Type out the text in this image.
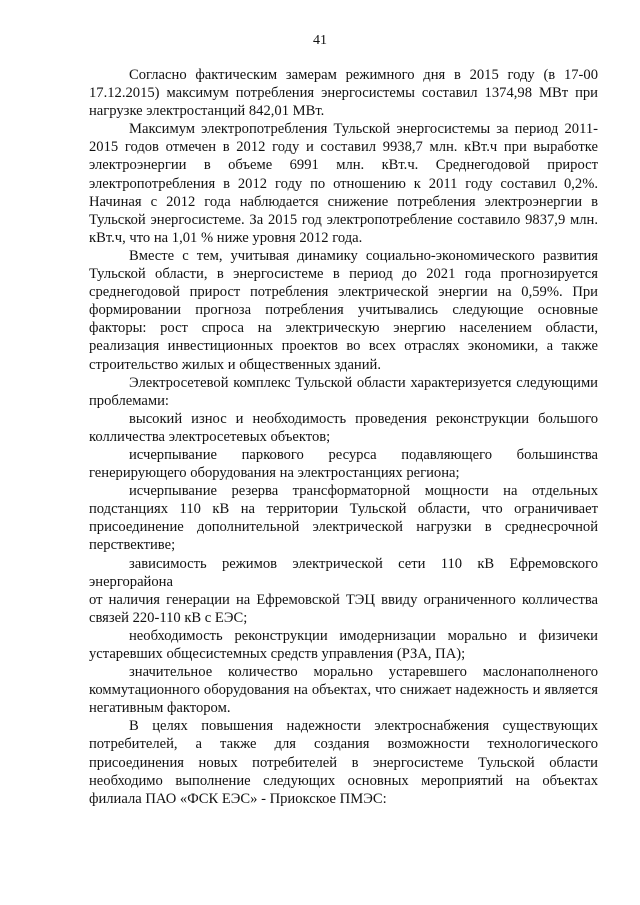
41

Согласно фактическим замерам режимного дня в 2015 году (в 17-00 17.12.2015) максимум потребления энергосистемы составил 1374,98 МВт при нагрузке электростанций 842,01 МВт.

Максимум электропотребления Тульской энергосистемы за период 2011-2015 годов отмечен в 2012 году и составил 9938,7 млн. кВт.ч при выработке электроэнергии в объеме 6991 млн. кВт.ч. Среднегодовой прирост электропотребления в 2012 году по отношению к 2011 году составил 0,2%. Начиная с 2012 года наблюдается снижение потребления электроэнергии в Тульской энергосистеме. За 2015 год электропотребление составило 9837,9 млн. кВт.ч, что на 1,01 % ниже уровня 2012 года.

Вместе с тем, учитывая динамику социально-экономического развития Тульской области, в энергосистеме в период до 2021 года прогнозируется среднегодовой прирост потребления электрической энергии на 0,59%. При формировании прогноза потребления учитывались следующие основные факторы: рост спроса на электрическую энергию населением области, реализация инвестиционных проектов во всех отраслях экономики, а также строительство жилых и общественных зданий.

Электросетевой комплекс Тульской области характеризуется следующими проблемами:

высокий износ и необходимость проведения реконструкции большого колличества электросетевых объектов;

исчерпывание паркового ресурса подавляющего большинства генерирующего оборудования на электростанциях региона;

исчерпывание резерва трансформаторной мощности на отдельных подстанциях 110 кВ на территории Тульской области, что ограничивает присоединение дополнительной электрической нагрузки в среднесрочной перствективе;

зависимость режимов электрической сети 110 кВ Ефремовского энергорайона

от наличия генерации на Ефремовской ТЭЦ ввиду ограниченного колличества связей 220-110 кВ с ЕЭС;

необходимость реконструкции имодернизации морально и физичеки устаревших общесистемных средств управления (РЗА, ПА);

значительное количество морально устаревшего маслонаполненого коммутационного оборудования на объектах, что снижает надежность и является негативным фактором.

В целях повышения надежности электроснабжения существующих потребителей, а также для создания возможности технологического присоединения новых потребителей в энергосистеме Тульской области необходимо выполнение следующих основных мероприятий на объектах филиала ПАО «ФСК ЕЭС» - Приокское ПМЭС:
